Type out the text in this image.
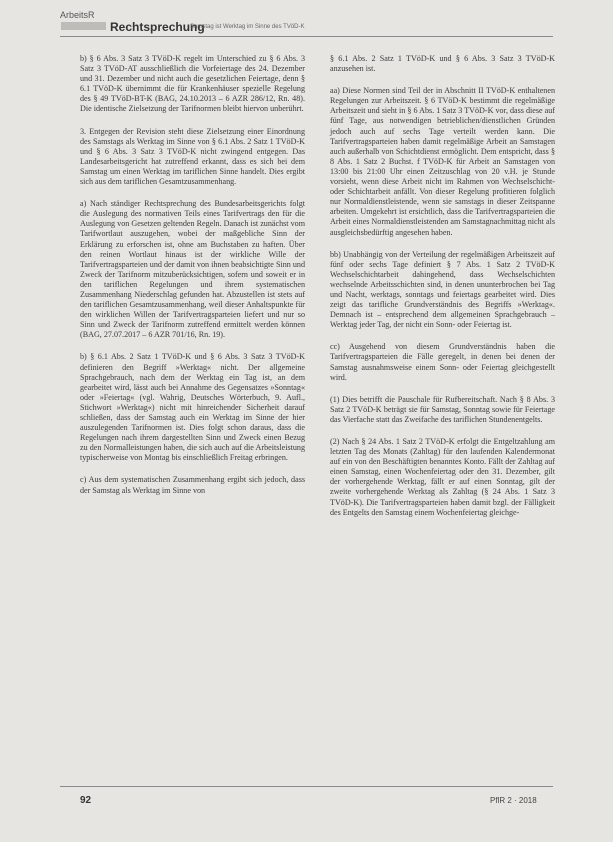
ArbeitsR
Rechtsprechung
Samstag ist Werktag im Sinne des TVöD-K

b) § 6 Abs. 3 Satz 3 TVöD-K regelt im Unterschied zu § 6 Abs. 3 Satz 3 TVöD-AT ausschließlich die Vorfeiertage des 24. Dezember und 31. Dezember und nicht auch die gesetzlichen Feiertage, denn § 6.1 TVöD-K übernimmt die für Krankenhäuser spezielle Regelung des § 49 TVöD-BT-K (BAG, 24.10.2013 – 6 AZR 286/12, Rn. 48). Die identische Zielsetzung der Tarifnormen bleibt hiervon unberührt.

3. Entgegen der Revision steht diese Zielsetzung einer Einordnung des Samstags als Werktag im Sinne von § 6.1 Abs. 2 Satz 1 TVöD-K und § 6 Abs. 3 Satz 3 TVöD-K nicht zwingend entgegen. Das Landesarbeitsgericht hat zutreffend erkannt, dass es sich bei dem Samstag um einen Werktag im tariflichen Sinne handelt. Dies ergibt sich aus dem tariflichen Gesamtzusammenhang.

a) Nach ständiger Rechtsprechung des Bundesarbeitsgerichts folgt die Auslegung des normativen Teils eines Tarifvertrags den für die Auslegung von Gesetzen geltenden Regeln. Danach ist zunächst vom Tarifwortlaut auszugehen, wobei der maßgebliche Sinn der Erklärung zu erforschen ist, ohne am Buchstaben zu haften. Über den reinen Wortlaut hinaus ist der wirkliche Wille der Tarifvertragsparteien und der damit von ihnen beabsichtigte Sinn und Zweck der Tarifnorm mitzuberücksichtigen, sofern und soweit er in den tariflichen Regelungen und ihrem systematischen Zusammenhang Niederschlag gefunden hat. Abzustellen ist stets auf den tariflichen Gesamtzusammenhang, weil dieser Anhaltspunkte für den wirklichen Willen der Tarifvertragsparteien liefert und nur so Sinn und Zweck der Tarifnorm zutreffend ermittelt werden können (BAG, 27.07.2017 – 6 AZR 701/16, Rn. 19).

b) § 6.1 Abs. 2 Satz 1 TVöD-K und § 6 Abs. 3 Satz 3 TVöD-K definieren den Begriff »Werktag« nicht. Der allgemeine Sprachgebrauch, nach dem der Werktag ein Tag ist, an dem gearbeitet wird, lässt auch bei Annahme des Gegensatzes »Sonntag« oder »Feiertag« (vgl. Wahrig, Deutsches Wörterbuch, 9. Aufl., Stichwort »Werktag«) nicht mit hinreichender Sicherheit darauf schließen, dass der Samstag auch ein Werktag im Sinne der hier auszulegenden Tarifnormen ist. Dies folgt schon daraus, dass die Regelungen nach ihrem dargestellten Sinn und Zweck einen Bezug zu den Normalleistungen haben, die sich auch auf die Arbeitsleistung typischerweise von Montag bis einschließlich Freitag erbringen.

c) Aus dem systematischen Zusammenhang ergibt sich jedoch, dass der Samstag als Werktag im Sinne von

§ 6.1 Abs. 2 Satz 1 TVöD-K und § 6 Abs. 3 Satz 3 TVöD-K anzusehen ist.

aa) Diese Normen sind Teil der in Abschnitt II TVöD-K enthaltenen Regelungen zur Arbeitszeit. § 6 TVöD-K bestimmt die regelmäßige Arbeitszeit und sieht in § 6 Abs. 1 Satz 3 TVöD-K vor, dass diese auf fünf Tage, aus notwendigen betrieblichen/dienstlichen Gründen jedoch auch auf sechs Tage verteilt werden kann. Die Tarifvertragsparteien haben damit regelmäßige Arbeit an Samstagen auch außerhalb von Schichtdienst ermöglicht. Dem entspricht, dass § 8 Abs. 1 Satz 2 Buchst. f TVöD-K für Arbeit an Samstagen von 13:00 bis 21:00 Uhr einen Zeitzuschlag von 20 v.H. je Stunde vorsieht, wenn diese Arbeit nicht im Rahmen von Wechselschicht- oder Schichtarbeit anfällt. Von dieser Regelung profitieren folglich nur Normaldienstleistende, wenn sie samstags in dieser Zeitspanne arbeiten. Umgekehrt ist ersichtlich, dass die Tarifvertragsparteien die Arbeit eines Normaldienstleistenden am Samstagnachmittag nicht als ausgleichsbedürftig angesehen haben.

bb) Unabhängig von der Verteilung der regelmäßigen Arbeitszeit auf fünf oder sechs Tage definiert § 7 Abs. 1 Satz 2 TVöD-K Wechselschichtarbeit dahingehend, dass Wechselschichten wechselnde Arbeitsschichten sind, in denen ununterbrochen bei Tag und Nacht, werktags, sonntags und feiertags gearbeitet wird. Dies zeigt das tarifliche Grundverständnis des Begriffs »Werktag«. Demnach ist – entsprechend dem allgemeinen Sprachgebrauch – Werktag jeder Tag, der nicht ein Sonn- oder Feiertag ist.

cc) Ausgehend von diesem Grundverständnis haben die Tarifvertragsparteien die Fälle geregelt, in denen bei denen der Samstag ausnahmsweise einem Sonn- oder Feiertag gleichgestellt wird.

(1) Dies betrifft die Pauschale für Rufbereitschaft. Nach § 8 Abs. 3 Satz 2 TVöD-K beträgt sie für Samstag, Sonntag sowie für Feiertage das Vierfache statt das Zweifache des tariflichen Stundenentgelts.

(2) Nach § 24 Abs. 1 Satz 2 TVöD-K erfolgt die Entgeltzahlung am letzten Tag des Monats (Zahltag) für den laufenden Kalendermonat auf ein von den Beschäftigten benanntes Konto. Fällt der Zahltag auf einen Samstag, einen Wochenfeiertag oder den 31. Dezember, gilt der vorhergehende Werktag, fällt er auf einen Sonntag, gilt der zweite vorhergehende Werktag als Zahltag (§ 24 Abs. 1 Satz 3 TVöD-K). Die Tarifvertragsparteien haben damit bzgl. der Fälligkeit des Entgelts den Samstag einem Wochenfeiertag gleichge-

92	PflR 2 · 2018
